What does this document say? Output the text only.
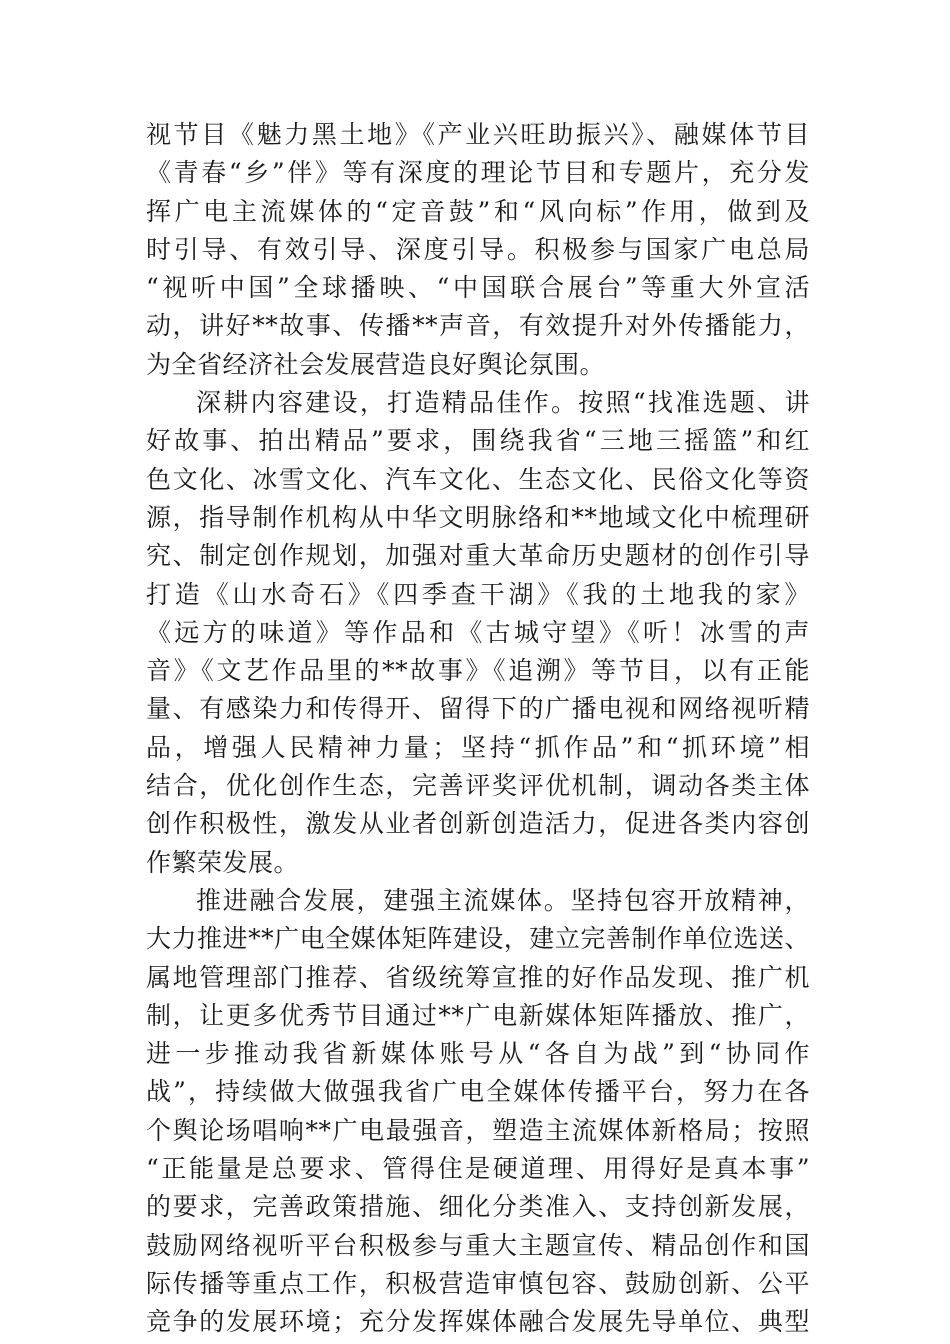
视节目《魅力黑土地》《产业兴旺助振兴》、融媒体节目
《青春“乡”伴》等有深度的理论节目和专题片，充分发
挥广电主流媒体的“定音鼓”和“风向标”作用，做到及
时引导、有效引导、深度引导。积极参与国家广电总局
“视听中国”全球播映、“中国联合展台”等重大外宣活
动，讲好**故事、传播**声音，有效提升对外传播能力，
为全省经济社会发展营造良好舆论氛围。
深耕内容建设，打造精品佳作。按照“找准选题、讲
好故事、拍出精品”要求，围绕我省“三地三摇篮”和红
色文化、冰雪文化、汽车文化、生态文化、民俗文化等资
源，指导制作机构从中华文明脉络和**地域文化中梳理研
究、制定创作规划，加强对重大革命历史题材的创作引导
打造《山水奇石》《四季查干湖》《我的土地我的家》
《远方的味道》等作品和《古城守望》《听！冰雪的声
音》《文艺作品里的**故事》《追溯》等节目，以有正能
量、有感染力和传得开、留得下的广播电视和网络视听精
品，增强人民精神力量；坚持“抓作品”和“抓环境”相
结合，优化创作生态，完善评奖评优机制，调动各类主体
创作积极性，激发从业者创新创造活力，促进各类内容创
作繁荣发展。
推进融合发展，建强主流媒体。坚持包容开放精神，
大力推进**广电全媒体矩阵建设，建立完善制作单位选送、
属地管理部门推荐、省级统筹宣推的好作品发现、推广机
制，让更多优秀节目通过**广电新媒体矩阵播放、推广，
进一步推动我省新媒体账号从“各自为战”到“协同作
战”，持续做大做强我省广电全媒体传播平台，努力在各
个舆论场唱响**广电最强音，塑造主流媒体新格局；按照
“正能量是总要求、管得住是硬道理、用得好是真本事”
的要求，完善政策措施、细化分类准入、支持创新发展，
鼓励网络视听平台积极参与重大主题宣传、精品创作和国
际传播等重点工作，积极营造审慎包容、鼓励创新、公平
竞争的发展环境；充分发挥媒体融合发展先导单位、典型
